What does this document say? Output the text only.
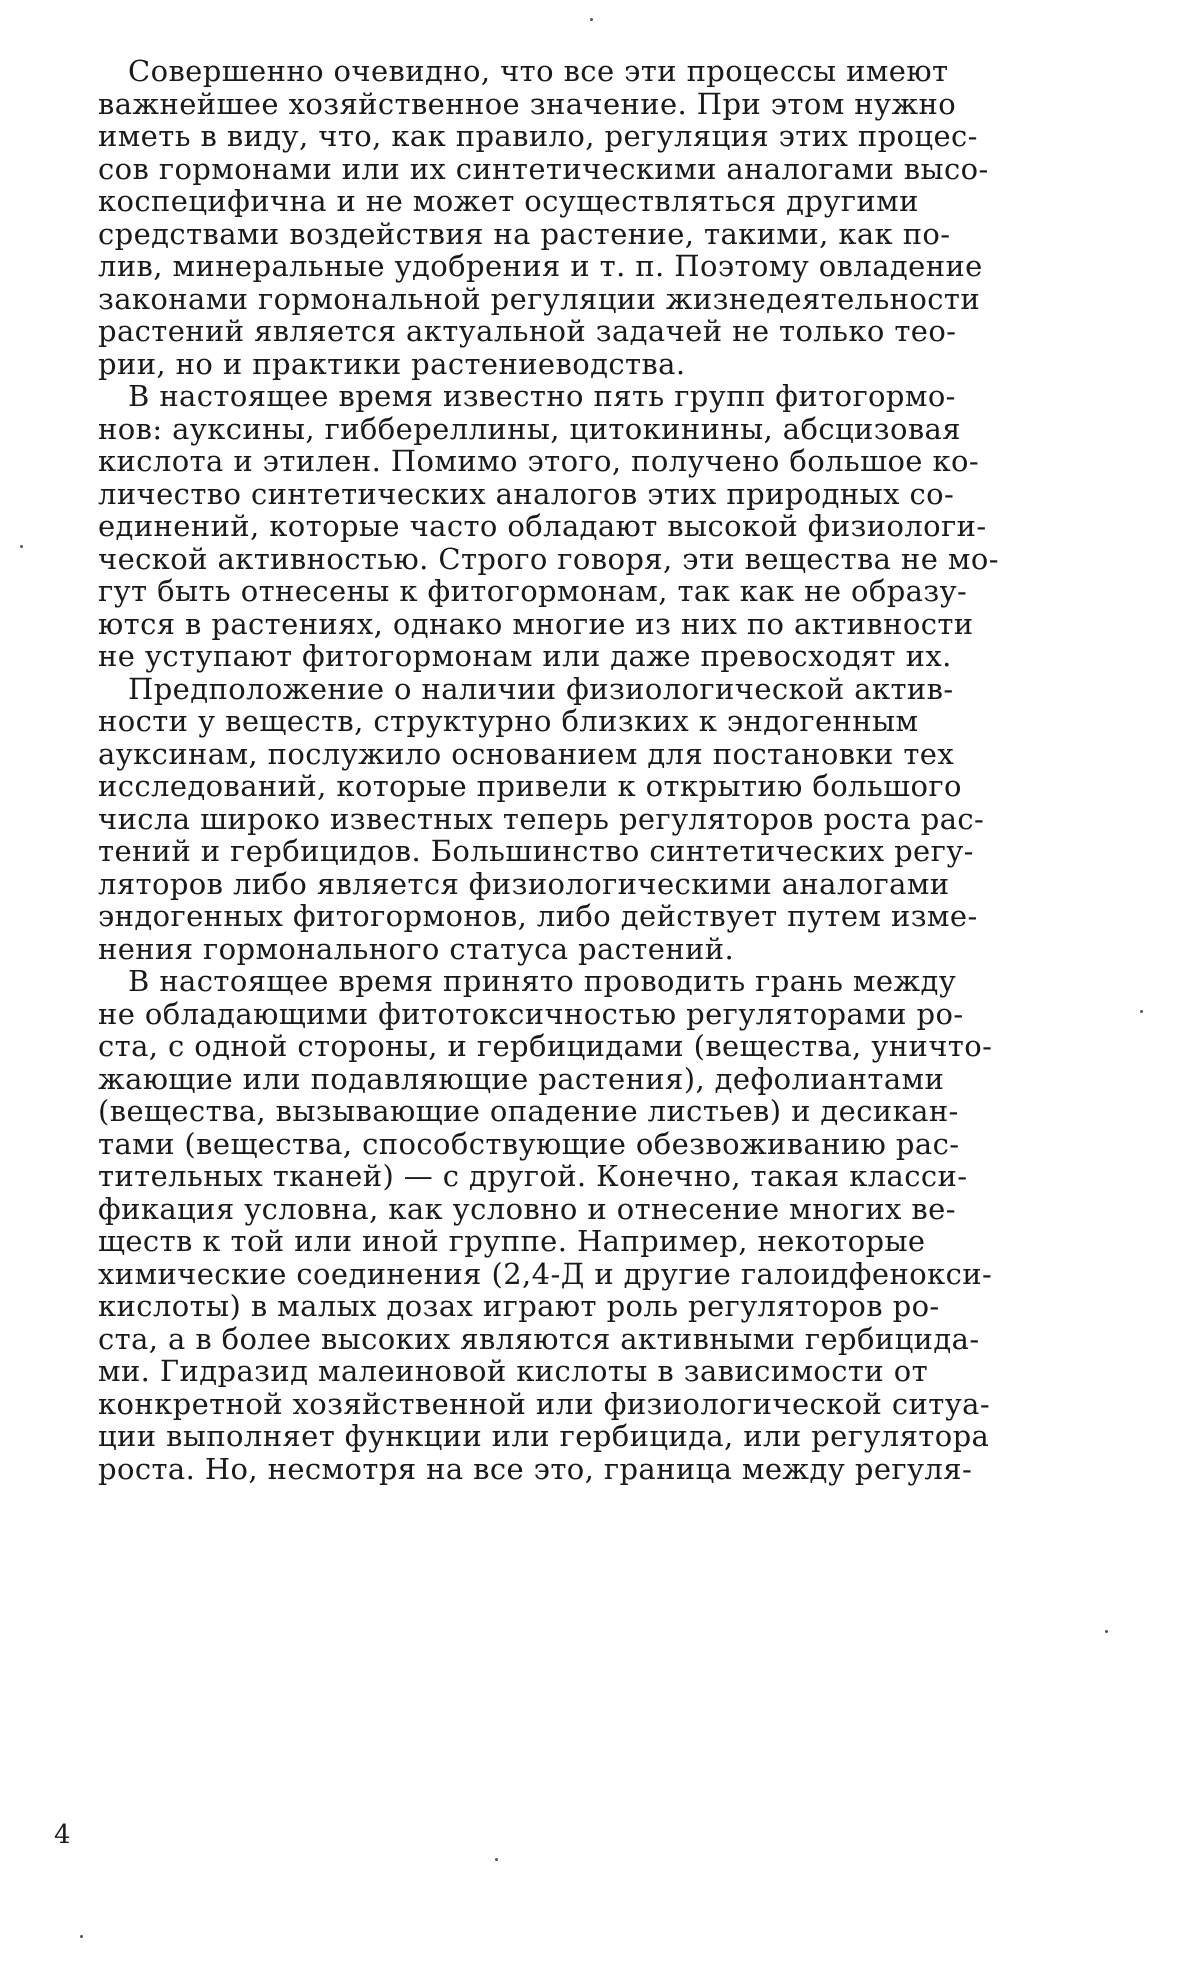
Совершенно очевидно, что все эти процессы имеют
важнейшее хозяйственное значение. При этом нужно
иметь в виду, что, как правило, регуляция этих процес-
сов гормонами или их синтетическими аналогами высо-
коспецифична и не может осуществляться другими
средствами воздействия на растение, такими, как по-
лив, минеральные удобрения и т. п. Поэтому овладение
законами гормональной регуляции жизнедеятельности
растений является актуальной задачей не только тео-
рии, но и практики растениеводства.

В настоящее время известно пять групп фитогормо-
нов: ауксины, гиббереллины, цитокинины, абсцизовая
кислота и этилен. Помимо этого, получено большое ко-
личество синтетических аналогов этих природных со-
единений, которые часто обладают высокой физиологи-
ческой активностью. Строго говоря, эти вещества не мо-
гут быть отнесены к фитогормонам, так как не образу-
ются в растениях, однако многие из них по активности
не уступают фитогормонам или даже превосходят их.

Предположение о наличии физиологической актив-
ности у веществ, структурно близких к эндогенным
ауксинам, послужило основанием для постановки тех
исследований, которые привели к открытию большого
числа широко известных теперь регуляторов роста рас-
тений и гербицидов. Большинство синтетических регу-
ляторов либо является физиологическими аналогами
эндогенных фитогормонов, либо действует путем изме-
нения гормонального статуса растений.

В настоящее время принято проводить грань между
не обладающими фитотоксичностью регуляторами ро-
ста, с одной стороны, и гербицидами (вещества, уничто-
жающие или подавляющие растения), дефолиантами
(вещества, вызывающие опадение листьев) и десикан-
тами (вещества, способствующие обезвоживанию рас-
тительных тканей) — с другой. Конечно, такая класси-
фикация условна, как условно и отнесение многих ве-
ществ к той или иной группе. Например, некоторые
химические соединения (2,4-Д и другие галоидфенокси-
кислоты) в малых дозах играют роль регуляторов ро-
ста, а в более высоких являются активными гербицида-
ми. Гидразид малеиновой кислоты в зависимости от
конкретной хозяйственной или физиологической ситуа-
ции выполняет функции или гербицида, или регулятора
роста. Но, несмотря на все это, граница между регуля-

4
